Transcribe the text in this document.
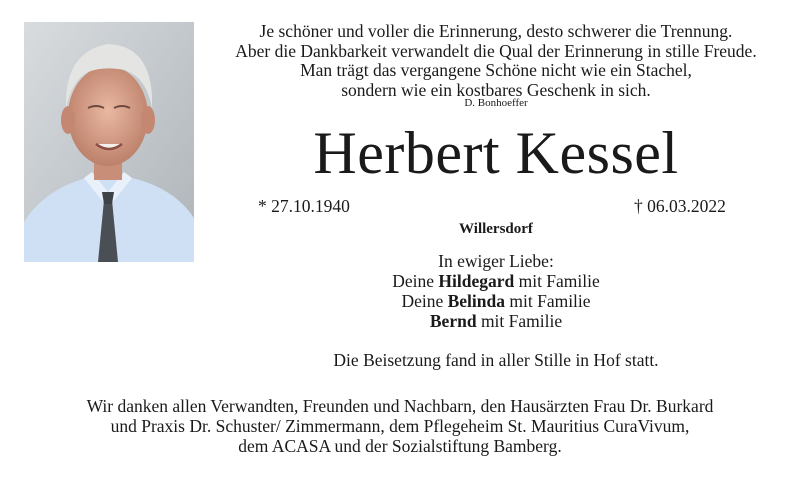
Je schöner und voller die Erinnerung, desto schwerer die Trennung.
Aber die Dankbarkeit verwandelt die Qual der Erinnerung in stille Freude.
Man trägt das vergangene Schöne nicht wie ein Stachel,
sondern wie ein kostbares Geschenk in sich.
D. Bonhoeffer
Herbert Kessel
* 27.10.1940	† 06.03.2022
Willersdorf
In ewiger Liebe:
Deine Hildegard mit Familie
Deine Belinda mit Familie
Bernd mit Familie
Die Beisetzung fand in aller Stille in Hof statt.
Wir danken allen Verwandten, Freunden und Nachbarn, den Hausärzten Frau Dr. Burkard
und Praxis Dr. Schuster/ Zimmermann, dem Pflegeheim St. Mauritius CuraVivum,
dem ACASA und der Sozialstiftung Bamberg.
